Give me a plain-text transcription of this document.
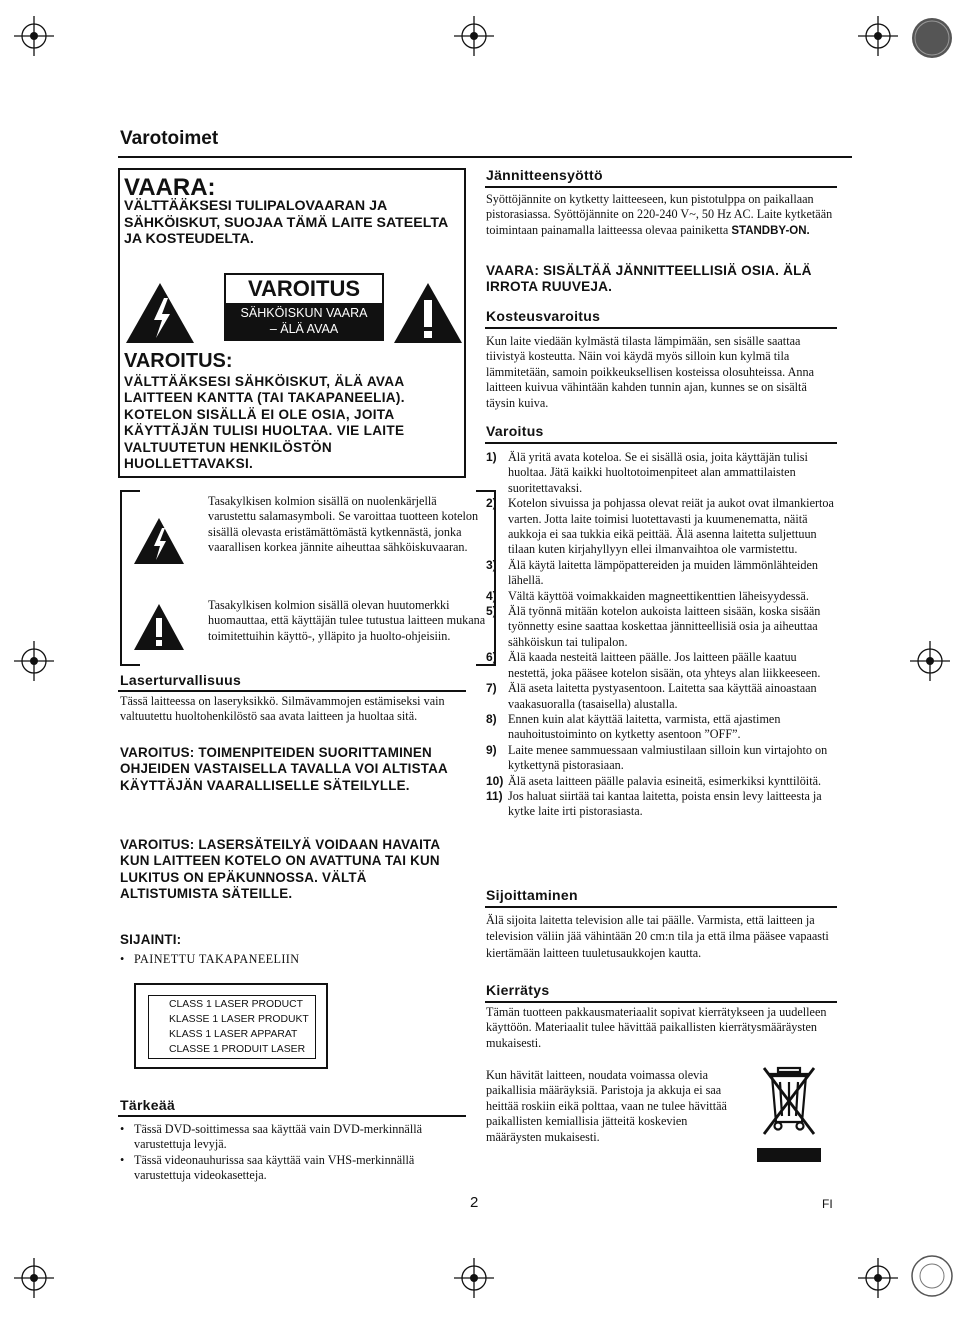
Varotoimet
VAARA:
VÄLTTÄÄKSESI TULIPALOVAARAN JA SÄHKÖISKUT, SUOJAA TÄMÄ LAITE SATEELTA JA KOSTEUDELTA.
VAROITUS
SÄHKÖISKUN VAARA
– ÄLÄ AVAA
VAROITUS:
VÄLTTÄÄKSESI SÄHKÖISKUT, ÄLÄ AVAA LAITTEEN KANTTA (TAI TAKAPANEELIA). KOTELON SISÄLLÄ EI OLE OSIA, JOITA KÄYTTÄJÄN TULISI HUOLTAA. VIE LAITE VALTUUTETUN HENKILÖSTÖN HUOLLETTAVAKSI.
Tasakylkisen kolmion sisällä on nuolenkärjellä varustettu salamasymboli. Se varoittaa tuotteen kotelon sisällä olevasta eristämättömästä kytkennästä, jonka vaarallisen korkea jännite aiheuttaa sähköiskuvaaran.
Tasakylkisen kolmion sisällä olevan huutomerkki huomauttaa, että käyttäjän tulee tutustua laitteen mukana toimitettuihin käyttö-, ylläpito ja huolto-ohjeisiin.
Laserturvallisuus
Tässä laitteessa on laseryksikkö. Silmävammojen estämiseksi vain valtuutettu huoltohenkilöstö saa avata laitteen ja huoltaa sitä.
VAROITUS: TOIMENPITEIDEN SUORITTAMINEN OHJEIDEN VASTAISELLA TAVALLA VOI ALTISTAA KÄYTTÄJÄN VAARALLISELLE SÄTEILYLLE.
VAROITUS: LASERSÄTEILYÄ VOIDAAN HAVAITA KUN LAITTEEN KOTELO ON AVATTUNA TAI KUN LUKITUS ON EPÄKUNNOSSA. VÄLTÄ ALTISTUMISTA SÄTEILLE.
SIJAINTI:
• PAINETTU TAKAPANEELIIN
CLASS 1 LASER PRODUCT
KLASSE 1 LASER PRODUKT
KLASS 1 LASER APPARAT
CLASSE 1 PRODUIT LASER
Tärkeää
• Tässä DVD-soittimessa saa käyttää vain DVD-merkinnällä varustettuja levyjä.
• Tässä videonauhurissa saa käyttää vain VHS-merkinnällä varustettuja videokasetteja.
Jännitteensyöttö
Syöttöjännite on kytketty laitteeseen, kun pistotulppa on paikallaan pistorasiassa. Syöttöjännite on 220-240 V~, 50 Hz AC. Laite kytketään toimintaan painamalla laitteessa olevaa painiketta STANDBY-ON.
VAARA: SISÄLTÄÄ JÄNNITTEELLISIÄ OSIA. ÄLÄ IRROTA RUUVEJA.
Kosteusvaroitus
Kun laite viedään kylmästä tilasta lämpimään, sen sisälle saattaa tiivistyä kosteutta. Näin voi käydä myös silloin kun kylmä tila lämmitetään, samoin poikkeuksellisen kosteissa olosuhteissa. Anna laitteen kuivua vähintään kahden tunnin ajan, kunnes se on sisältä täysin kuiva.
Varoitus
1) Älä yritä avata koteloa. Se ei sisällä osia, joita käyttäjän tulisi huoltaa. Jätä kaikki huoltotoimenpiteet alan ammattilaisten suoritettavaksi.
2) Kotelon sivuissa ja pohjassa olevat reiät ja aukot ovat ilmankiertoa varten. Jotta laite toimisi luotettavasti ja kuumenematta, näitä aukkoja ei saa tukkia eikä peittää. Älä asenna laitetta suljettuun tilaan kuten kirjahyllyyn ellei ilmanvaihtoa ole varmistettu.
3) Älä käytä laitetta lämpöpattereiden ja muiden lämmönlähteiden lähellä.
4) Vältä käyttöä voimakkaiden magneettikenttien läheisyydessä.
5) Älä työnnä mitään kotelon aukoista laitteen sisään, koska sisään työnnetty esine saattaa koskettaa jännitteellisiä osia ja aiheuttaa sähköiskun tai tulipalon.
6) Älä kaada nesteitä laitteen päälle. Jos laitteen päälle kaatuu nestettä, joka pääsee kotelon sisään, ota yhteys alan liikkeeseen.
7) Älä aseta laitetta pystyasentoon. Laitetta saa käyttää ainoastaan vaakasuoralla (tasaisella) alustalla.
8) Ennen kuin alat käyttää laitetta, varmista, että ajastimen nauhoitustoiminto on kytketty asentoon ”OFF”.
9) Laite menee sammuessaan valmiustilaan silloin kun virtajohto on kytkettynä pistorasiaan.
10) Älä aseta laitteen päälle palavia esineitä, esimerkiksi kynttilöitä.
11) Jos haluat siirtää tai kantaa laitetta, poista ensin levy laitteesta ja kytke laite irti pistorasiasta.
Sijoittaminen
Älä sijoita laitetta television alle tai päälle. Varmista, että laitteen ja television väliin jää vähintään 20 cm:n tila ja että ilma pääsee vapaasti kiertämään laitteen tuuletusaukkojen kautta.
Kierrätys
Tämän tuotteen pakkausmateriaalit sopivat kierrätykseen ja uudelleen käyttöön. Materiaalit tulee hävittää paikallisten kierrätysmääräysten mukaisesti.
Kun hävität laitteen, noudata voimassa olevia paikallisia määräyksiä. Paristoja ja akkuja ei saa heittää roskiin eikä polttaa, vaan ne tulee hävittää paikallisten kemiallisia jätteitä koskevien määräysten mukaisesti.
2	FI
